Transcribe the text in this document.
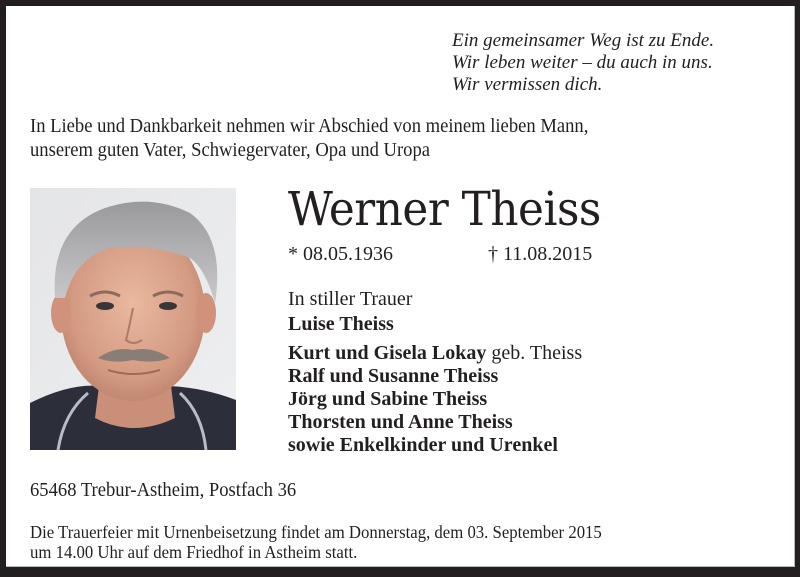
Ein gemeinsamer Weg ist zu Ende.
Wir leben weiter – du auch in uns.
Wir vermissen dich.
In Liebe und Dankbarkeit nehmen wir Abschied von meinem lieben Mann,
unserem guten Vater, Schwiegervater, Opa und Uropa
Werner Theiss
* 08.05.1936	† 11.08.2015
In stiller Trauer
Luise Theiss
Kurt und Gisela Lokay geb. Theiss
Ralf und Susanne Theiss
Jörg und Sabine Theiss
Thorsten und Anne Theiss
sowie Enkelkinder und Urenkel
65468 Trebur-Astheim, Postfach 36
Die Trauerfeier mit Urnenbeisetzung findet am Donnerstag, dem 03. September 2015
um 14.00 Uhr auf dem Friedhof in Astheim statt.
